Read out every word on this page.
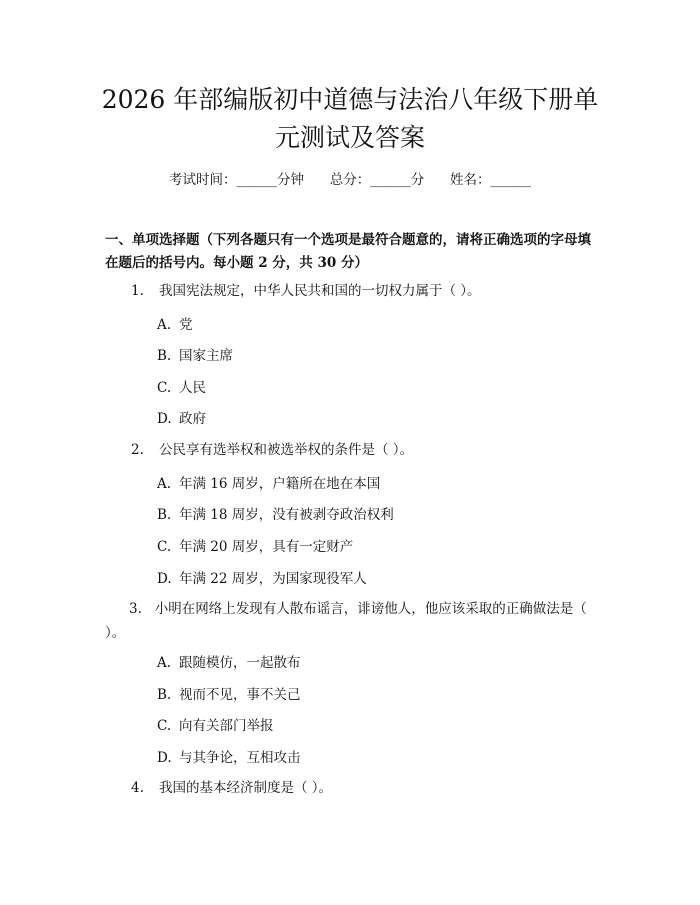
2026 年部编版初中道德与法治八年级下册单
元测试及答案
考试时间：______分钟      总分：______分      姓名：______
一、单项选择题（下列各题只有一个选项是最符合题意的，请将正确选项的字母填在题后的括号内。每小题 2 分，共 30 分）
1. 我国宪法规定，中华人民共和国的一切权力属于（ ）。
A. 党
B. 国家主席
C. 人民
D. 政府
2. 公民享有选举权和被选举权的条件是（ ）。
A. 年满 16 周岁，户籍所在地在本国
B. 年满 18 周岁，没有被剥夺政治权利
C. 年满 20 周岁，具有一定财产
D. 年满 22 周岁，为国家现役军人
3. 小明在网络上发现有人散布谣言，诽谤他人，他应该采取的正确做法是（ ）。
A. 跟随模仿，一起散布
B. 视而不见，事不关己
C. 向有关部门举报
D. 与其争论，互相攻击
4. 我国的基本经济制度是（ ）。
